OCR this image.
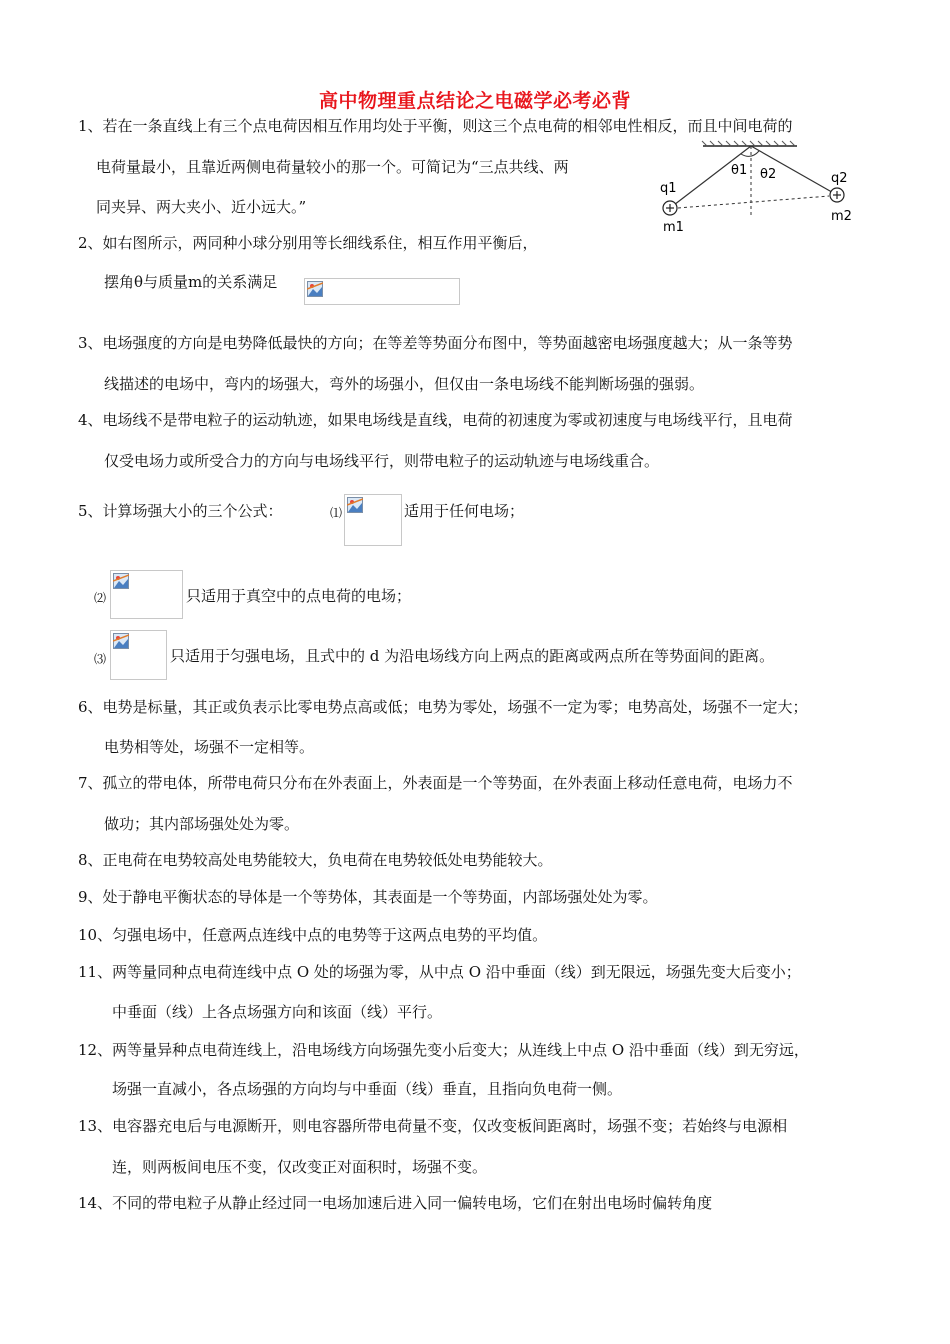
高中物理重点结论之电磁学必考必背
q1
m1
q2
m2
θ1 θ2
1、若在一条直线上有三个点电荷因相互作用均处于平衡，则这三个点电荷的相邻电性相反，而且中间电荷的
电荷量最小，且靠近两侧电荷量较小的那一个。可简记为“三点共线、两
同夹异、两大夹小、近小远大。”
2、如右图所示，两同种小球分别用等长细线系住，相互作用平衡后，
摆角θ与质量m的关系满足
3、电场强度的方向是电势降低最快的方向；在等差等势面分布图中，等势面越密电场强度越大；从一条等势
线描述的电场中，弯内的场强大，弯外的场强小，但仅由一条电场线不能判断场强的强弱。
4、电场线不是带电粒子的运动轨迹，如果电场线是直线，电荷的初速度为零或初速度与电场线平行，且电荷
仅受电场力或所受合力的方向与电场线平行，则带电粒子的运动轨迹与电场线重合。
5、计算场强大小的三个公式：	⑴	适用于任何电场；
⑵	只适用于真空中的点电荷的电场；
⑶	只适用于匀强电场，且式中的 d 为沿电场线方向上两点的距离或两点所在等势面间的距离。
6、电势是标量，其正或负表示比零电势点高或低；电势为零处，场强不一定为零；电势高处，场强不一定大；
电势相等处，场强不一定相等。
7、孤立的带电体，所带电荷只分布在外表面上，外表面是一个等势面，在外表面上移动任意电荷，电场力不
做功；其内部场强处处为零。
8、正电荷在电势较高处电势能较大，负电荷在电势较低处电势能较大。
9、处于静电平衡状态的导体是一个等势体，其表面是一个等势面，内部场强处处为零。
10、匀强电场中，任意两点连线中点的电势等于这两点电势的平均值。
11、两等量同种点电荷连线中点 O 处的场强为零，从中点 O 沿中垂面（线）到无限远，场强先变大后变小；
中垂面（线）上各点场强方向和该面（线）平行。
12、两等量异种点电荷连线上，沿电场线方向场强先变小后变大；从连线上中点 O 沿中垂面（线）到无穷远，
场强一直减小，各点场强的方向均与中垂面（线）垂直，且指向负电荷一侧。
13、电容器充电后与电源断开，则电容器所带电荷量不变，仅改变板间距离时，场强不变；若始终与电源相
连，则两板间电压不变，仅改变正对面积时，场强不变。
14、不同的带电粒子从静止经过同一电场加速后进入同一偏转电场，它们在射出电场时偏转角度
